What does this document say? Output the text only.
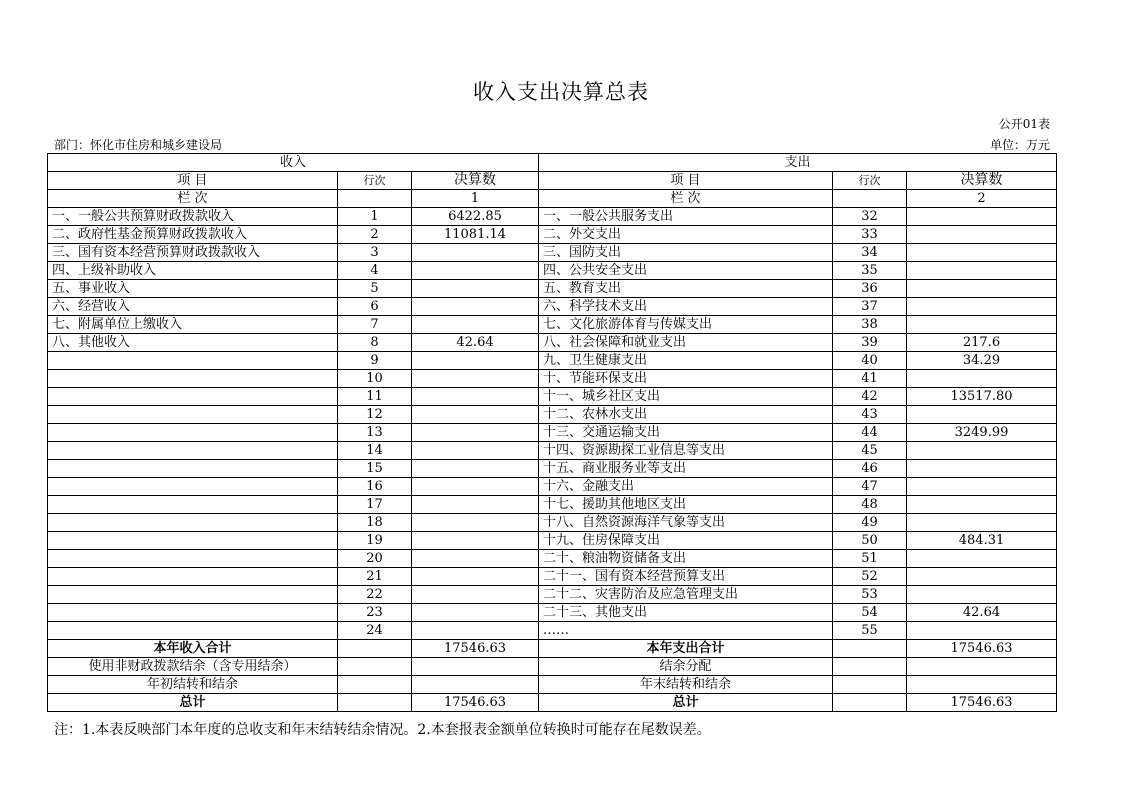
收入支出决算总表
公开01表
部门：怀化市住房和城乡建设局	单位：万元
收入			支出		
项 目	行次	决算数	项 目	行次	决算数
栏 次		1	栏 次		2
一、一般公共预算财政拨款收入	1	6422.85	一、一般公共服务支出	32	
二、政府性基金预算财政拨款收入	2	11081.14	二、外交支出	33	
三、国有资本经营预算财政拨款收入	3		三、国防支出	34	
四、上级补助收入	4		四、公共安全支出	35	
五、事业收入	5		五、教育支出	36	
六、经营收入	6		六、科学技术支出	37	
七、附属单位上缴收入	7		七、文化旅游体育与传媒支出	38	
八、其他收入	8	42.64	八、社会保障和就业支出	39	217.6
	9		九、卫生健康支出	40	34.29
	10		十、节能环保支出	41	
	11		十一、城乡社区支出	42	13517.80
	12		十二、农林水支出	43	
	13		十三、交通运输支出	44	3249.99
	14		十四、资源勘探工业信息等支出	45	
	15		十五、商业服务业等支出	46	
	16		十六、金融支出	47	
	17		十七、援助其他地区支出	48	
	18		十八、自然资源海洋气象等支出	49	
	19		十九、住房保障支出	50	484.31
	20		二十、粮油物资储备支出	51	
	21		二十一、国有资本经营预算支出	52	
	22		二十二、灾害防治及应急管理支出	53	
	23		二十三、其他支出	54	42.64
	24		……	55	
本年收入合计		17546.63	本年支出合计		17546.63
使用非财政拨款结余（含专用结余）			结余分配		
年初结转和结余			年末结转和结余		
总计		17546.63	总计		17546.63
注：1.本表反映部门本年度的总收支和年末结转结余情况。2.本套报表金额单位转换时可能存在尾数误差。
